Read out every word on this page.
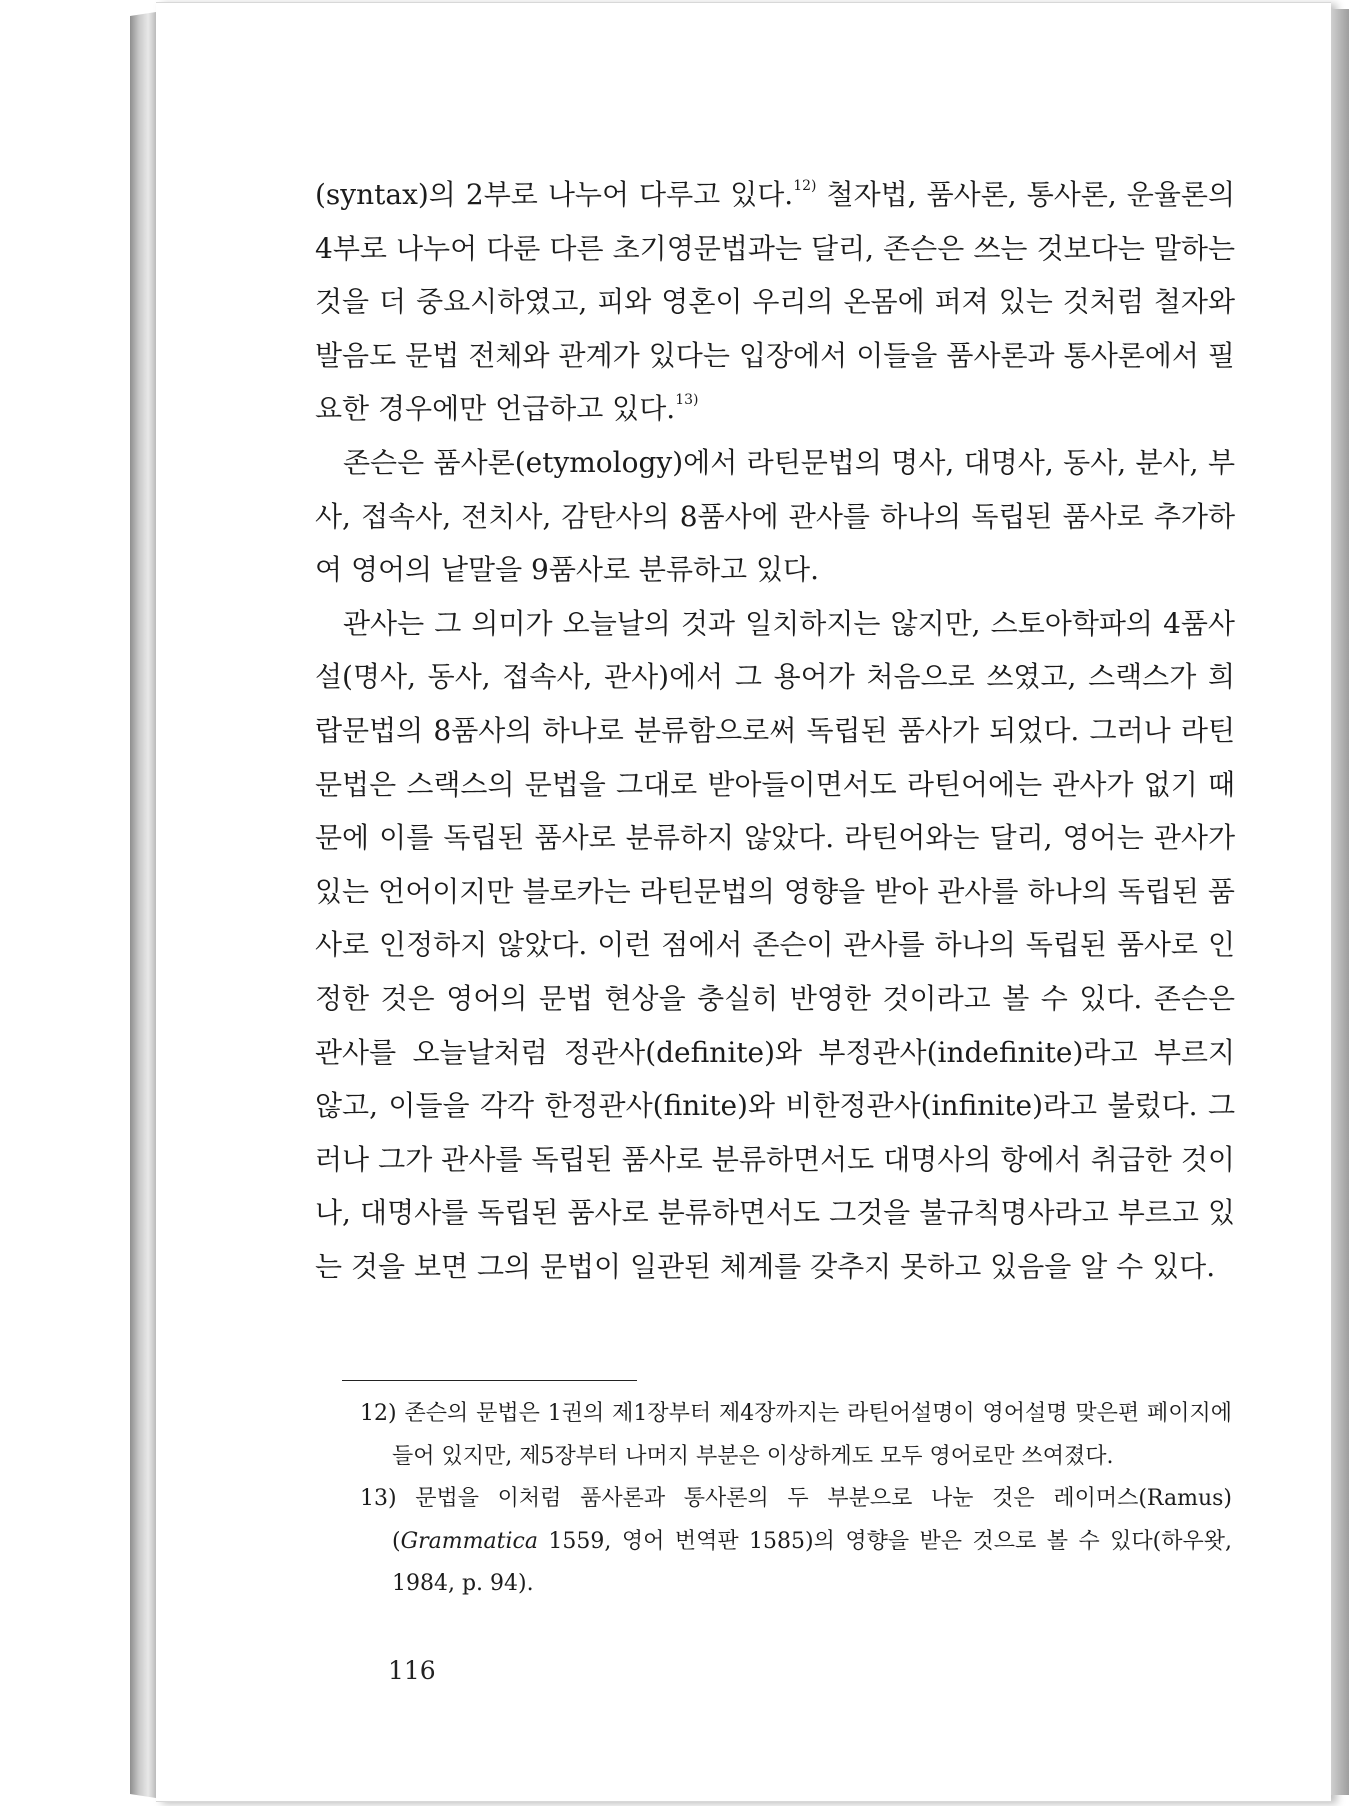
(syntax)의 2부로 나누어 다루고 있다.$^{12)}$ 철자법, 품사론, 통사론, 운율론의 4부로 나누어 다룬 다른 초기영문법과는 달리, 존슨은 쓰는 것보다는 말하는 것을 더 중요시하였고, 피와 영혼이 우리의 온몸에 퍼져 있는 것처럼 철자와 발음도 문법 전체와 관계가 있다는 입장에서 이들을 품사론과 통사론에서 필요한 경우에만 언급하고 있다.$^{13)}$

존슨은 품사론(etymology)에서 라틴문법의 명사, 대명사, 동사, 분사, 부사, 접속사, 전치사, 감탄사의 8품사에 관사를 하나의 독립된 품사로 추가하여 영어의 낱말을 9품사로 분류하고 있다.

관사는 그 의미가 오늘날의 것과 일치하지는 않지만, 스토아학파의 4품사설(명사, 동사, 접속사, 관사)에서 그 용어가 처음으로 쓰였고, 스랙스가 희랍문법의 8품사의 하나로 분류함으로써 독립된 품사가 되었다. 그러나 라틴문법은 스랙스의 문법을 그대로 받아들이면서도 라틴어에는 관사가 없기 때문에 이를 독립된 품사로 분류하지 않았다. 라틴어와는 달리, 영어는 관사가 있는 언어이지만 블로카는 라틴문법의 영향을 받아 관사를 하나의 독립된 품사로 인정하지 않았다. 이런 점에서 존슨이 관사를 하나의 독립된 품사로 인정한 것은 영어의 문법 현상을 충실히 반영한 것이라고 볼 수 있다. 존슨은 관사를 오늘날처럼 정관사(definite)와 부정관사(indefinite)라고 부르지 않고, 이들을 각각 한정관사(finite)와 비한정관사(infinite)라고 불렀다. 그러나 그가 관사를 독립된 품사로 분류하면서도 대명사의 항에서 취급한 것이나, 대명사를 독립된 품사로 분류하면서도 그것을 불규칙명사라고 부르고 있는 것을 보면 그의 문법이 일관된 체계를 갖추지 못하고 있음을 알 수 있다.

12) 존슨의 문법은 1권의 제1장부터 제4장까지는 라틴어설명이 영어설명 맞은편 페이지에 들어 있지만, 제5장부터 나머지 부분은 이상하게도 모두 영어로만 쓰여졌다.
13) 문법을 이처럼 품사론과 통사론의 두 부분으로 나눈 것은 레이머스(Ramus) (Grammatica 1559, 영어 번역판 1585)의 영향을 받은 것으로 볼 수 있다(하우왓, 1984, p. 94).
116
